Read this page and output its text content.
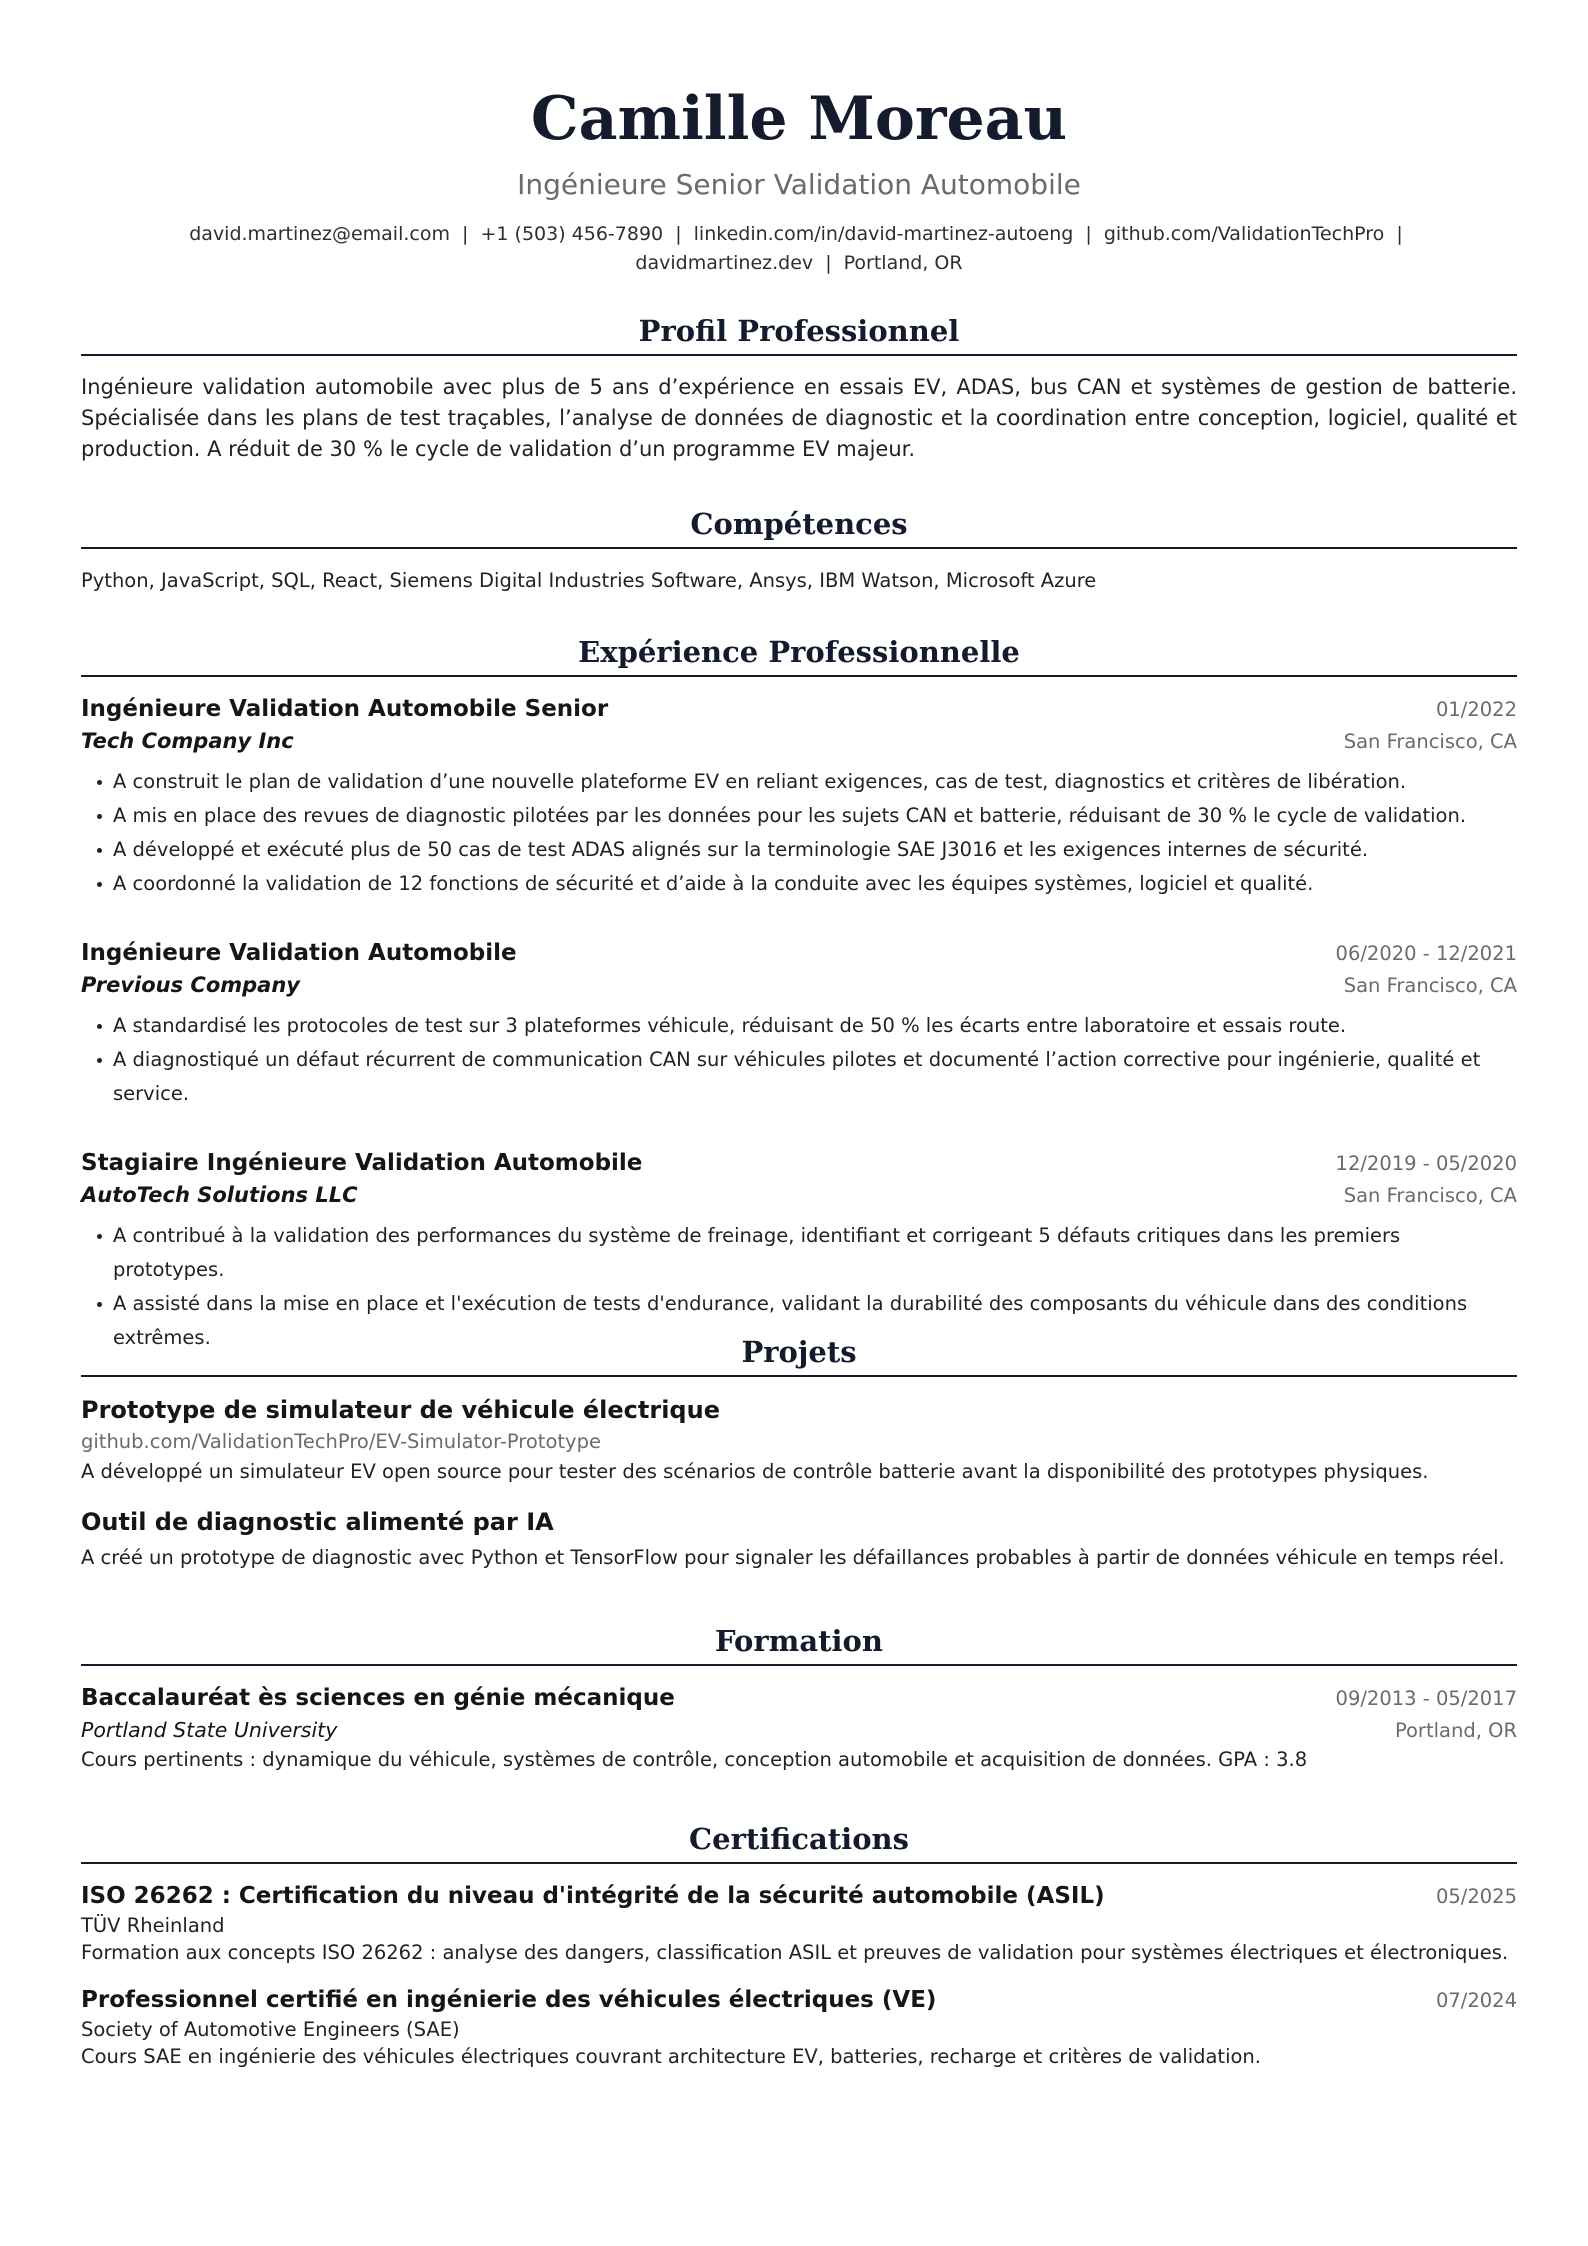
Camille Moreau
Ingénieure Senior Validation Automobile
david.martinez@email.com | +1 (503) 456-7890 | linkedin.com/in/david-martinez-autoeng | github.com/ValidationTechPro | davidmartinez.dev | Portland, OR
Profil Professionnel
Ingénieure validation automobile avec plus de 5 ans d’expérience en essais EV, ADAS, bus CAN et systèmes de gestion de batterie. Spécialisée dans les plans de test traçables, l’analyse de données de diagnostic et la coordination entre conception, logiciel, qualité et production. A réduit de 30 % le cycle de validation d’un programme EV majeur.
Compétences
Python, JavaScript, SQL, React, Siemens Digital Industries Software, Ansys, IBM Watson, Microsoft Azure
Expérience Professionnelle
Ingénieure Validation Automobile Senior	01/2022
Tech Company Inc	San Francisco, CA
A construit le plan de validation d’une nouvelle plateforme EV en reliant exigences, cas de test, diagnostics et critères de libération.
A mis en place des revues de diagnostic pilotées par les données pour les sujets CAN et batterie, réduisant de 30 % le cycle de validation.
A développé et exécuté plus de 50 cas de test ADAS alignés sur la terminologie SAE J3016 et les exigences internes de sécurité.
A coordonné la validation de 12 fonctions de sécurité et d’aide à la conduite avec les équipes systèmes, logiciel et qualité.
Ingénieure Validation Automobile	06/2020 - 12/2021
Previous Company	San Francisco, CA
A standardisé les protocoles de test sur 3 plateformes véhicule, réduisant de 50 % les écarts entre laboratoire et essais route.
A diagnostiqué un défaut récurrent de communication CAN sur véhicules pilotes et documenté l’action corrective pour ingénierie, qualité et service.
Stagiaire Ingénieure Validation Automobile	12/2019 - 05/2020
AutoTech Solutions LLC	San Francisco, CA
A contribué à la validation des performances du système de freinage, identifiant et corrigeant 5 défauts critiques dans les premiers prototypes.
A assisté dans la mise en place et l'exécution de tests d'endurance, validant la durabilité des composants du véhicule dans des conditions extrêmes.	Projets
Prototype de simulateur de véhicule électrique
github.com/ValidationTechPro/EV-Simulator-Prototype
A développé un simulateur EV open source pour tester des scénarios de contrôle batterie avant la disponibilité des prototypes physiques.
Outil de diagnostic alimenté par IA
A créé un prototype de diagnostic avec Python et TensorFlow pour signaler les défaillances probables à partir de données véhicule en temps réel.
Formation
Baccalauréat ès sciences en génie mécanique	09/2013 - 05/2017
Portland State University	Portland, OR
Cours pertinents : dynamique du véhicule, systèmes de contrôle, conception automobile et acquisition de données. GPA : 3.8
Certifications
ISO 26262 : Certification du niveau d'intégrité de la sécurité automobile (ASIL)	05/2025
TÜV Rheinland
Formation aux concepts ISO 26262 : analyse des dangers, classification ASIL et preuves de validation pour systèmes électriques et électroniques.
Professionnel certifié en ingénierie des véhicules électriques (VE)	07/2024
Society of Automotive Engineers (SAE)
Cours SAE en ingénierie des véhicules électriques couvrant architecture EV, batteries, recharge et critères de validation.
